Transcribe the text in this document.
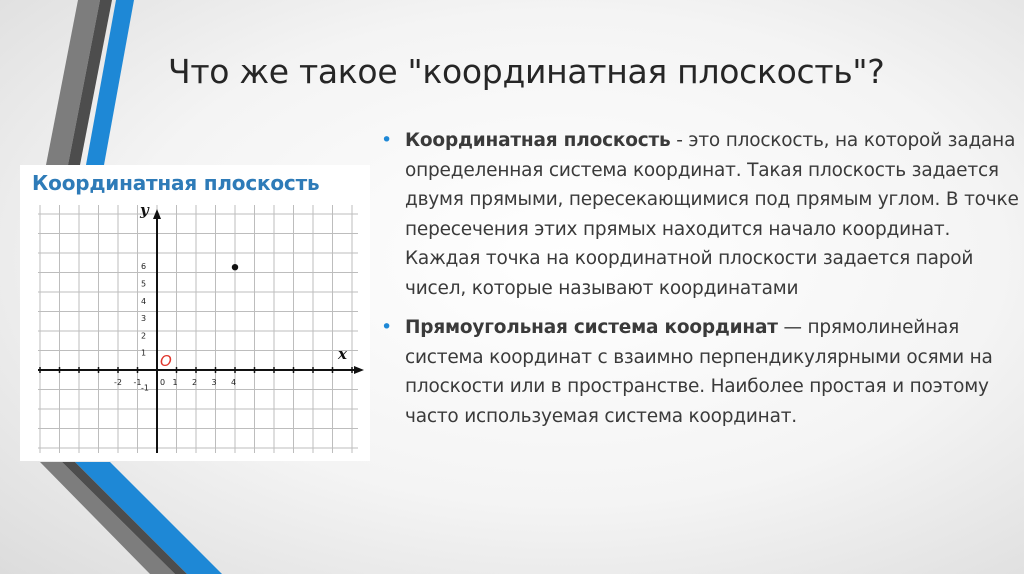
Что же такое "координатная плоскость"?
-2 -1	1 2 3 4
6
5
4
3
2
1
-1
x
y
O
0
Координатная плоскость
• Координатная плоскость - это плоскость, на которой задана определенная система координат. Такая плоскость задается двумя прямыми, пересекающимися под прямым углом. В точке пересечения этих прямых находится начало координат. Каждая точка на координатной плоскости задается парой чисел, которые называют координатами
• Прямоугольная система координат — прямолинейная система координат с взаимно перпендикулярными осями на плоскости или в пространстве. Наиболее простая и поэтому часто используемая система координат.
